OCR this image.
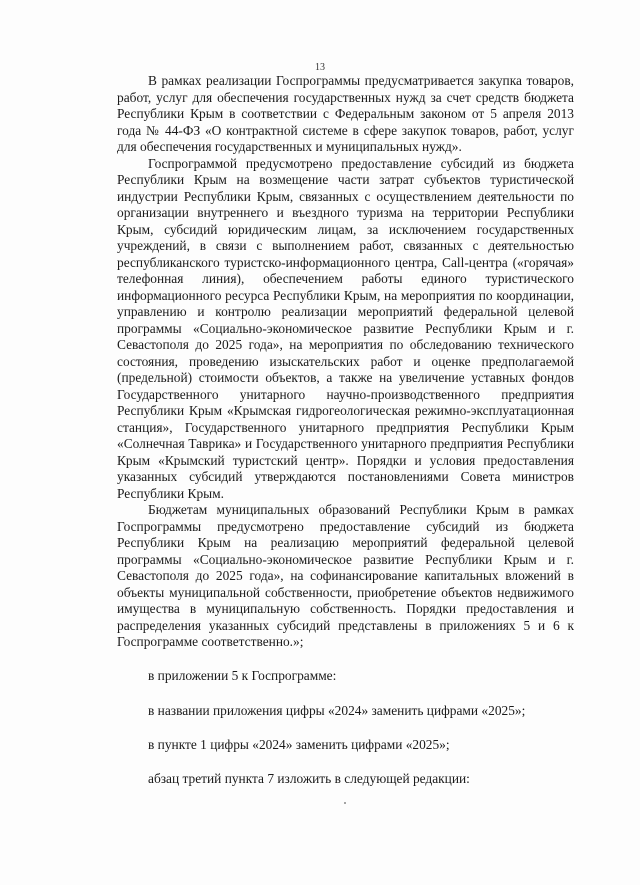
13

В рамках реализации Госпрограммы предусматривается закупка товаров, работ, услуг для обеспечения государственных нужд за счет средств бюджета Республики Крым в соответствии с Федеральным законом от 5 апреля 2013 года № 44-ФЗ «О контрактной системе в сфере закупок товаров, работ, услуг для обеспечения государственных и муниципальных нужд».

Госпрограммой предусмотрено предоставление субсидий из бюджета Республики Крым на возмещение части затрат субъектов туристической индустрии Республики Крым, связанных с осуществлением деятельности по организации внутреннего и въездного туризма на территории Республики Крым, субсидий юридическим лицам, за исключением государственных учреждений, в связи с выполнением работ, связанных с деятельностью республиканского туристско-информационного центра, Call-центра («горячая» телефонная линия), обеспечением работы единого туристического информационного ресурса Республики Крым, на мероприятия по координации, управлению и контролю реализации мероприятий федеральной целевой программы «Социально-экономическое развитие Республики Крым и г. Севастополя до 2025 года», на мероприятия по обследованию технического состояния, проведению изыскательских работ и оценке предполагаемой (предельной) стоимости объектов, а также на увеличение уставных фондов Государственного унитарного научно-производственного предприятия Республики Крым «Крымская гидрогеологическая режимно-эксплуатационная станция», Государственного унитарного предприятия Республики Крым «Солнечная Таврика» и Государственного унитарного предприятия Республики Крым «Крымский туристский центр». Порядки и условия предоставления указанных субсидий утверждаются постановлениями Совета министров Республики Крым.

Бюджетам муниципальных образований Республики Крым в рамках Госпрограммы предусмотрено предоставление субсидий из бюджета Республики Крым на реализацию мероприятий федеральной целевой программы «Социально-экономическое развитие Республики Крым и г. Севастополя до 2025 года», на софинансирование капитальных вложений в объекты муниципальной собственности, приобретение объектов недвижимого имущества в муниципальную собственность. Порядки предоставления и распределения указанных субсидий представлены в приложениях 5 и 6 к Госпрограмме соответственно.»;

в приложении 5 к Госпрограмме:
в названии приложения цифры «2024» заменить цифрами «2025»;
в пункте 1 цифры «2024» заменить цифрами «2025»;
абзац третий пункта 7 изложить в следующей редакции:
